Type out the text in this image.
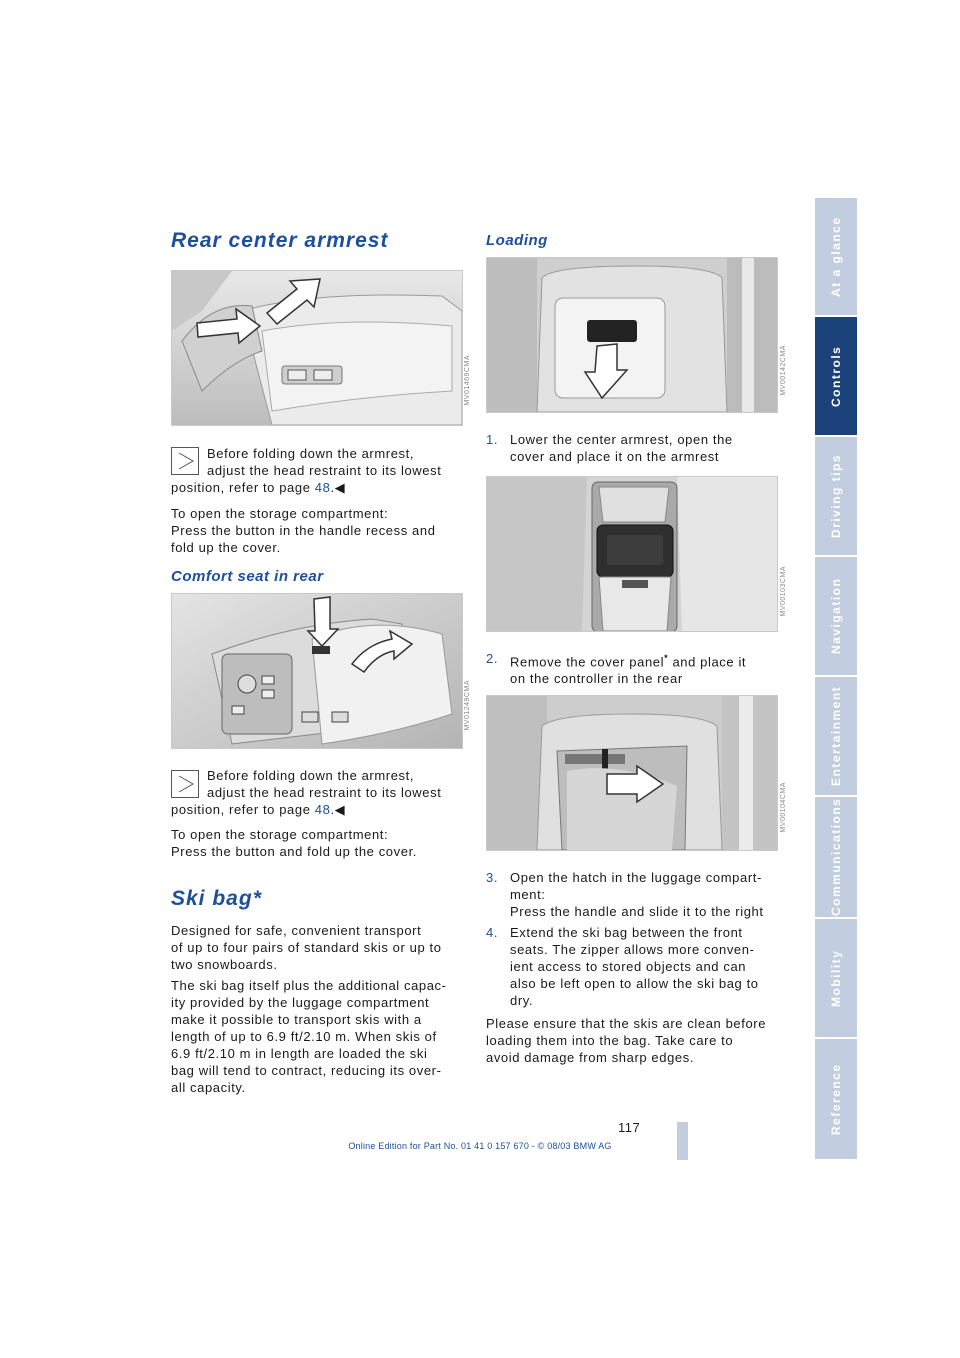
At a glance
Controls
Driving tips
Navigation
Entertainment
Communications
Mobility
Reference
Rear center armrest
MV01469CMA

Before folding down the armrest,

adjust the head restraint to its lowest

position, refer to page 48.◀

To open the storage compartment:

Press the button in the handle recess and

fold up the cover.

Comfort seat in rear
MV01249CMA

Before folding down the armrest,

adjust the head restraint to its lowest

position, refer to page 48.◀

To open the storage compartment:

Press the button and fold up the cover.

Ski bag*

Designed for safe, convenient transport

of up to four pairs of standard skis or up to

two snowboards.

The ski bag itself plus the additional capac-

ity provided by the luggage compartment

make it possible to transport skis with a

length of up to 6.9 ft/2.10 m. When skis of

6.9 ft/2.10 m in length are loaded the ski

bag will tend to contract, reducing its over-

all capacity.

Loading
MV00142CMA
1. Lower the center armrest, open the
cover and place it on the armrest
MV00103CMA
2. Remove the cover panel* and place it
on the controller in the rear
MV00104CMA
3. Open the hatch in the luggage compart-
ment:
Press the handle and slide it to the right
4. Extend the ski bag between the front
seats. The zipper allows more conven-
ient access to stored objects and can
also be left open to allow the ski bag to
dry.

Please ensure that the skis are clean before

loading them into the bag. Take care to

avoid damage from sharp edges.

117
Online Edition for Part No. 01 41 0 157 670 - © 08/03 BMW AG
